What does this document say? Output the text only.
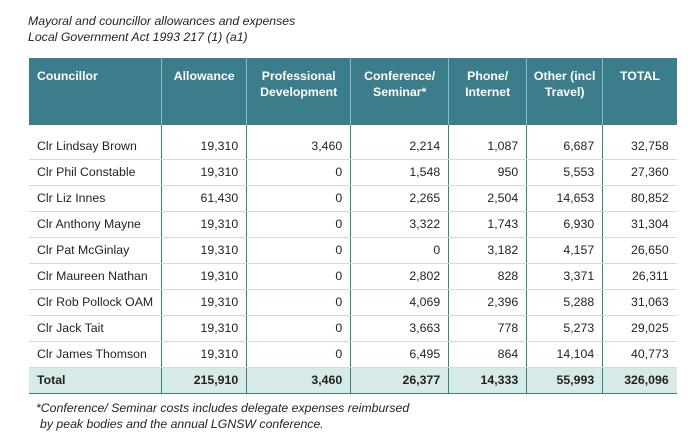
Mayoral and councillor allowances and expenses
Local Government Act 1993 217 (1) (a1)
Councillor	Allowance	Professional Development	Conference/ Seminar*	Phone/ Internet	Other (incl Travel)	TOTAL

Clr Lindsay Brown	19,310	3,460	2,214	1,087	6,687	32,758
Clr Phil Constable	19,310	0	1,548	950	5,553	27,360
Clr Liz Innes	61,430	0	2,265	2,504	14,653	80,852
Clr Anthony Mayne	19,310	0	3,322	1,743	6,930	31,304
Clr Pat McGinlay	19,310	0	0	3,182	4,157	26,650
Clr Maureen Nathan	19,310	0	2,802	828	3,371	26,311
Clr Rob Pollock OAM	19,310	0	4,069	2,396	5,288	31,063
Clr Jack Tait	19,310	0	3,663	778	5,273	29,025
Clr James Thomson	19,310	0	6,495	864	14,104	40,773
Total	215,910	3,460	26,377	14,333	55,993	326,096
*Conference/ Seminar costs includes delegate expenses reimbursed
by peak bodies and the annual LGNSW conference.
